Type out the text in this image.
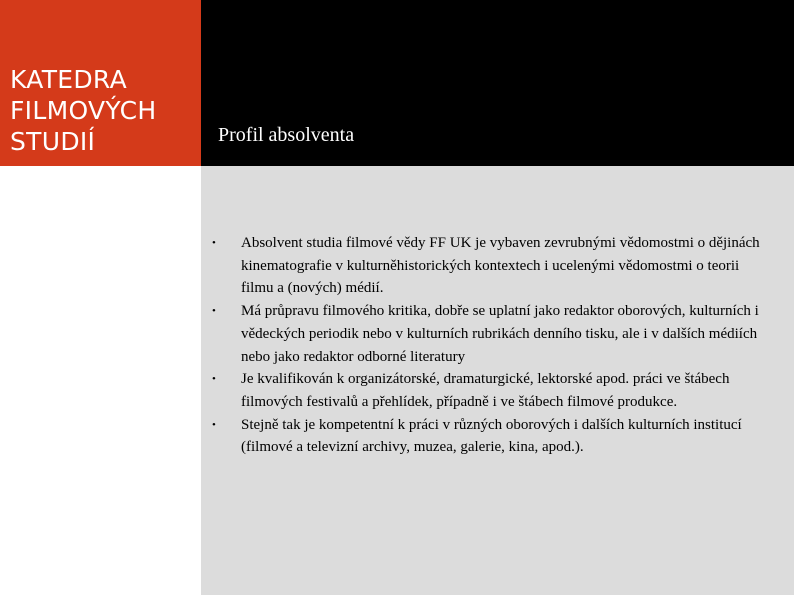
KATEDRA
FILMOVÝCH
STUDIÍ	Profil absolventa
• Absolvent studia filmové vědy FF UK je vybaven zevrubnými vědomostmi o dějinách kinematografie v kulturněhistorických kontextech i ucelenými vědomostmi o teorii filmu a (nových) médií.
• Má průpravu filmového kritika, dobře se uplatní jako redaktor oborových, kulturních i vědeckých periodik nebo v kulturních rubrikách denního tisku, ale i v dalších médiích nebo jako redaktor odborné literatury
• Je kvalifikován k organizátorské, dramaturgické, lektorské apod. práci ve štábech filmových festivalů a přehlídek, případně i ve štábech filmové produkce.
• Stejně tak je kompetentní k práci v různých oborových i dalších kulturních institucí (filmové a televizní archivy, muzea, galerie, kina, apod.).
